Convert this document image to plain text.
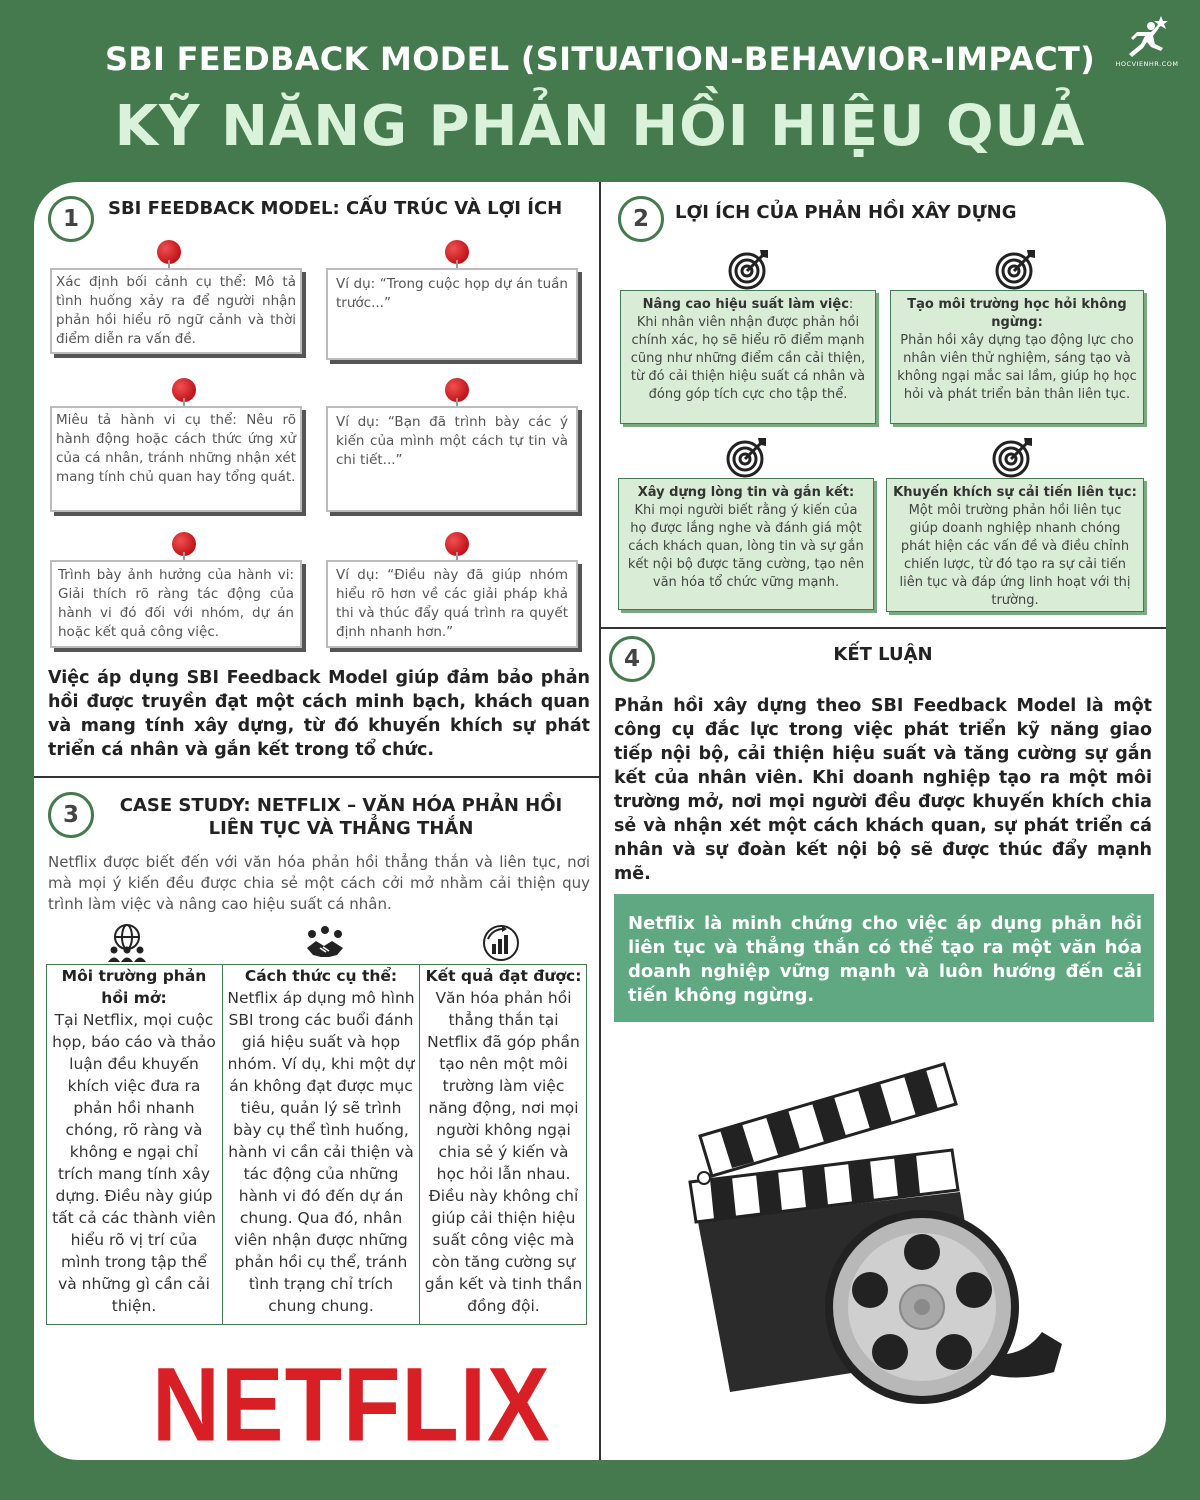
SBI FEEDBACK MODEL (SITUATION-BEHAVIOR-IMPACT)
KỸ NĂNG PHẢN HỒI HIỆU QUẢ
HOCVIENHR.COM
1	SBI FEEDBACK MODEL: CẤU TRÚC VÀ LỢI ÍCH
Xác định bối cảnh cụ thể: Mô tả tình huống xảy ra để người nhận phản hồi hiểu rõ ngữ cảnh và thời điểm diễn ra vấn đề.
Ví dụ: “Trong cuộc họp dự án tuần trước...”
Miêu tả hành vi cụ thể: Nêu rõ hành động hoặc cách thức ứng xử của cá nhân, tránh những nhận xét mang tính chủ quan hay tổng quát.
Ví dụ: “Bạn đã trình bày các ý kiến của mình một cách tự tin và chi tiết...”
Trình bày ảnh hưởng của hành vi: Giải thích rõ ràng tác động của hành vi đó đối với nhóm, dự án hoặc kết quả công việc.
Ví dụ: “Điều này đã giúp nhóm hiểu rõ hơn về các giải pháp khả thi và thúc đẩy quá trình ra quyết định nhanh hơn.”
Việc áp dụng SBI Feedback Model giúp đảm bảo phản hồi được truyền đạt một cách minh bạch, khách quan và mang tính xây dựng, từ đó khuyến khích sự phát triển cá nhân và gắn kết trong tổ chức.
2	LỢI ÍCH CỦA PHẢN HỒI XÂY DỰNG
Nâng cao hiệu suất làm việc:
Khi nhân viên nhận được phản hồi chính xác, họ sẽ hiểu rõ điểm mạnh cũng như những điểm cần cải thiện, từ đó cải thiện hiệu suất cá nhân và đóng góp tích cực cho tập thể.
Tạo môi trường học hỏi không ngừng:
Phản hồi xây dựng tạo động lực cho nhân viên thử nghiệm, sáng tạo và không ngại mắc sai lầm, giúp họ học hỏi và phát triển bản thân liên tục.
Xây dựng lòng tin và gắn kết:
Khi mọi người biết rằng ý kiến của họ được lắng nghe và đánh giá một cách khách quan, lòng tin và sự gắn kết nội bộ được tăng cường, tạo nên văn hóa tổ chức vững mạnh.
Khuyến khích sự cải tiến liên tục:
Một môi trường phản hồi liên tục giúp doanh nghiệp nhanh chóng phát hiện các vấn đề và điều chỉnh chiến lược, từ đó tạo ra sự cải tiến liên tục và đáp ứng linh hoạt với thị trường.
3	CASE STUDY: NETFLIX – VĂN HÓA PHẢN HỒI
LIÊN TỤC VÀ THẲNG THẮN
Netflix được biết đến với văn hóa phản hồi thẳng thắn và liên tục, nơi mà mọi ý kiến đều được chia sẻ một cách cởi mở nhằm cải thiện quy trình làm việc và nâng cao hiệu suất cá nhân.
Môi trường phản hồi mở:
Tại Netflix, mọi cuộc họp, báo cáo và thảo luận đều khuyến khích việc đưa ra phản hồi nhanh chóng, rõ ràng và không e ngại chỉ trích mang tính xây dựng. Điều này giúp tất cả các thành viên hiểu rõ vị trí của mình trong tập thể và những gì cần cải thiện.
Cách thức cụ thể:
Netflix áp dụng mô hình SBI trong các buổi đánh giá hiệu suất và họp nhóm. Ví dụ, khi một dự án không đạt được mục tiêu, quản lý sẽ trình bày cụ thể tình huống, hành vi cần cải thiện và tác động của những hành vi đó đến dự án chung. Qua đó, nhân viên nhận được những phản hồi cụ thể, tránh tình trạng chỉ trích chung chung.
Kết quả đạt được:
Văn hóa phản hồi thẳng thắn tại Netflix đã góp phần tạo nên một môi trường làm việc năng động, nơi mọi người không ngại chia sẻ ý kiến và học hỏi lẫn nhau. Điều này không chỉ giúp cải thiện hiệu suất công việc mà còn tăng cường sự gắn kết và tinh thần đồng đội.
NETFLIX
4	KẾT LUẬN
Phản hồi xây dựng theo SBI Feedback Model là một công cụ đắc lực trong việc phát triển kỹ năng giao tiếp nội bộ, cải thiện hiệu suất và tăng cường sự gắn kết của nhân viên. Khi doanh nghiệp tạo ra một môi trường mở, nơi mọi người đều được khuyến khích chia sẻ và nhận xét một cách khách quan, sự phát triển cá nhân và sự đoàn kết nội bộ sẽ được thúc đẩy mạnh mẽ.
Netflix là minh chứng cho việc áp dụng phản hồi liên tục và thẳng thắn có thể tạo ra một văn hóa doanh nghiệp vững mạnh và luôn hướng đến cải tiến không ngừng.
